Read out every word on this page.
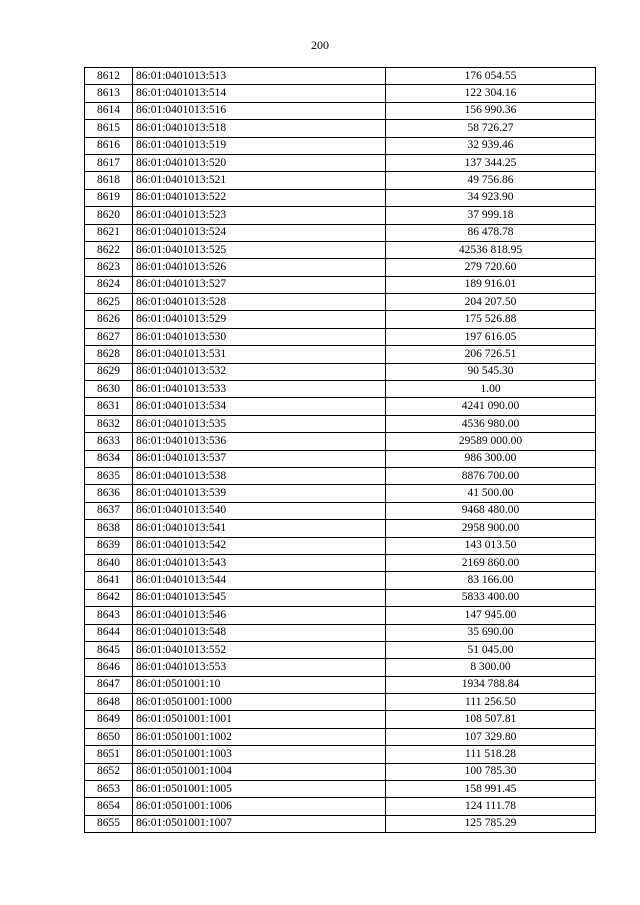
200
8612	86:01:0401013:513	176 054.55
8613	86:01:0401013:514	122 304.16
8614	86:01:0401013:516	156 990.36
8615	86:01:0401013:518	58 726.27
8616	86:01:0401013:519	32 939.46
8617	86:01:0401013:520	137 344.25
8618	86:01:0401013:521	49 756.86
8619	86:01:0401013:522	34 923.90
8620	86:01:0401013:523	37 999.18
8621	86:01:0401013:524	86 478.78
8622	86:01:0401013:525	42536 818.95
8623	86:01:0401013:526	279 720.60
8624	86:01:0401013:527	189 916.01
8625	86:01:0401013:528	204 207.50
8626	86:01:0401013:529	175 526.88
8627	86:01:0401013:530	197 616.05
8628	86:01:0401013:531	206 726.51
8629	86:01:0401013:532	90 545.30
8630	86:01:0401013:533	1.00
8631	86:01:0401013:534	4241 090.00
8632	86:01:0401013:535	4536 980.00
8633	86:01:0401013:536	29589 000.00
8634	86:01:0401013:537	986 300.00
8635	86:01:0401013:538	8876 700.00
8636	86:01:0401013:539	41 500.00
8637	86:01:0401013:540	9468 480.00
8638	86:01:0401013:541	2958 900.00
8639	86:01:0401013:542	143 013.50
8640	86:01:0401013:543	2169 860.00
8641	86:01:0401013:544	83 166.00
8642	86:01:0401013:545	5833 400.00
8643	86:01:0401013:546	147 945.00
8644	86:01:0401013:548	35 690.00
8645	86:01:0401013:552	51 045.00
8646	86:01:0401013:553	8 300.00
8647	86:01:0501001:10	1934 788.84
8648	86:01:0501001:1000	111 256.50
8649	86:01:0501001:1001	108 507.81
8650	86:01:0501001:1002	107 329.80
8651	86:01:0501001:1003	111 518.28
8652	86:01:0501001:1004	100 785.30
8653	86:01:0501001:1005	158 991.45
8654	86:01:0501001:1006	124 111.78
8655	86:01:0501001:1007	125 785.29
